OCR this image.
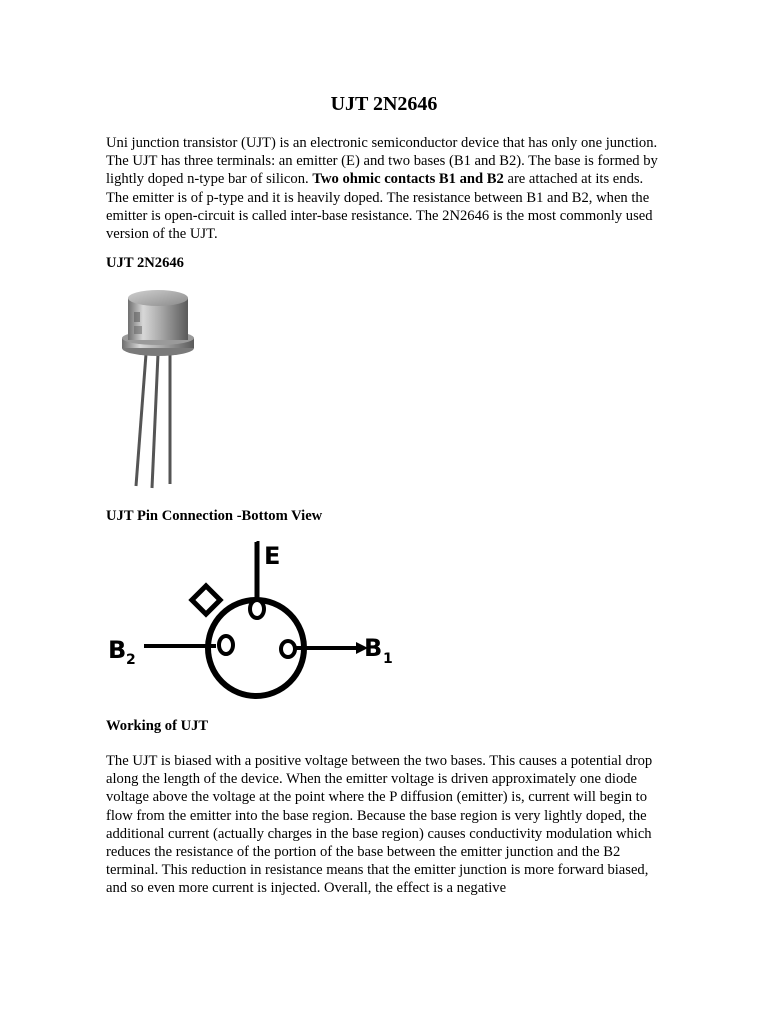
UJT 2N2646

Uni junction transistor (UJT) is an electronic semiconductor device that has only one junction. The UJT has three terminals: an emitter (E) and two bases (B1 and B2). The base is formed by lightly doped n-type bar of silicon. Two ohmic contacts B1 and B2 are attached at its ends. The emitter is of p-type and it is heavily doped. The resistance between B1 and B2, when the emitter is open-circuit is called inter-base resistance. The 2N2646 is the most commonly used version of the UJT.

UJT 2N2646
UJT Pin Connection -Bottom View
E
B 2	B 1
Working of UJT

The UJT is biased with a positive voltage between the two bases. This causes a potential drop along the length of the device. When the emitter voltage is driven approximately one diode voltage above the voltage at the point where the P diffusion (emitter) is, current will begin to flow from the emitter into the base region. Because the base region is very lightly doped, the additional current (actually charges in the base region) causes conductivity modulation which reduces the resistance of the portion of the base between the emitter junction and the B2 terminal. This reduction in resistance means that the emitter junction is more forward biased, and so even more current is injected. Overall, the effect is a negative
